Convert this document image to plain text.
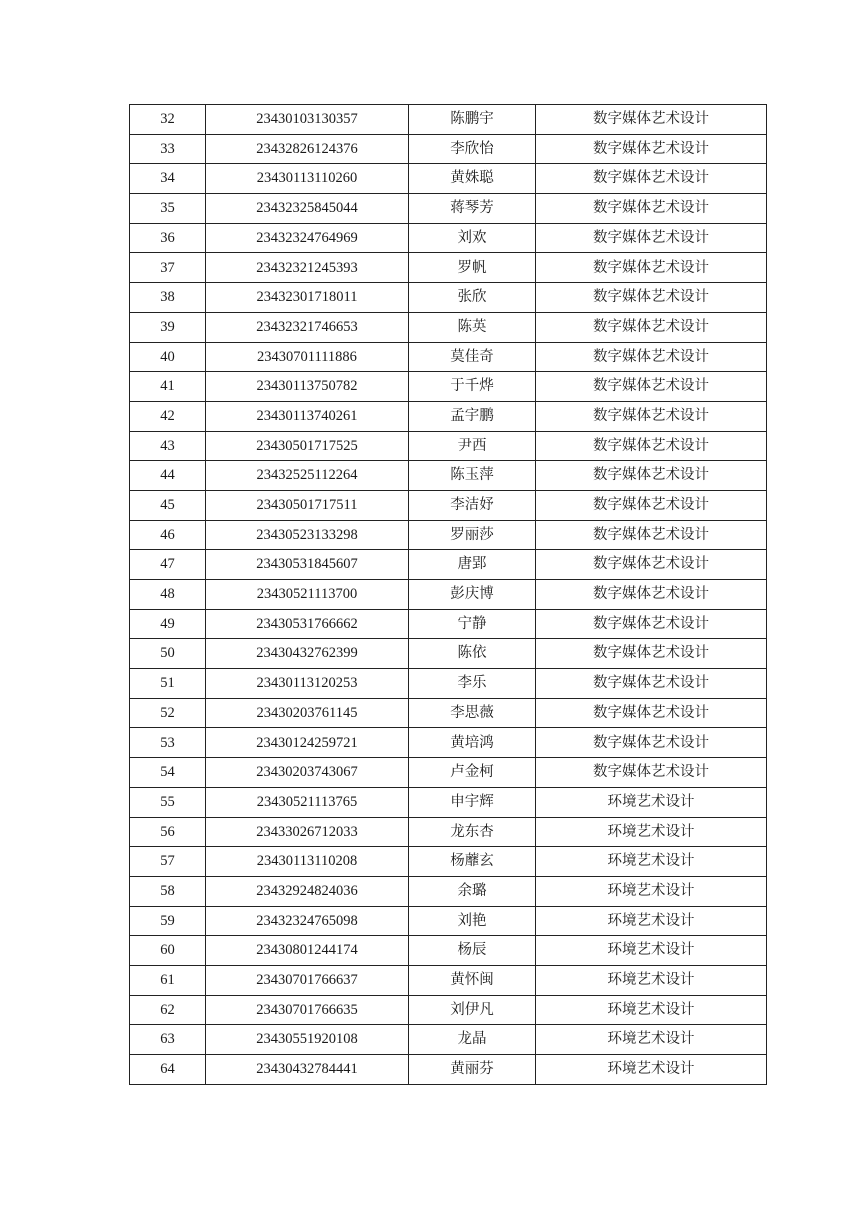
32	23430103130357	陈鹏宇	数字媒体艺术设计
33	23432826124376	李欣怡	数字媒体艺术设计
34	23430113110260	黄姝聪	数字媒体艺术设计
35	23432325845044	蒋琴芳	数字媒体艺术设计
36	23432324764969	刘欢	数字媒体艺术设计
37	23432321245393	罗帆	数字媒体艺术设计
38	23432301718011	张欣	数字媒体艺术设计
39	23432321746653	陈英	数字媒体艺术设计
40	23430701111886	莫佳奇	数字媒体艺术设计
41	23430113750782	于千烨	数字媒体艺术设计
42	23430113740261	孟宇鹏	数字媒体艺术设计
43	23430501717525	尹西	数字媒体艺术设计
44	23432525112264	陈玉萍	数字媒体艺术设计
45	23430501717511	李洁妤	数字媒体艺术设计
46	23430523133298	罗丽莎	数字媒体艺术设计
47	23430531845607	唐郢	数字媒体艺术设计
48	23430521113700	彭庆博	数字媒体艺术设计
49	23430531766662	宁静	数字媒体艺术设计
50	23430432762399	陈依	数字媒体艺术设计
51	23430113120253	李乐	数字媒体艺术设计
52	23430203761145	李思薇	数字媒体艺术设计
53	23430124259721	黄培鸿	数字媒体艺术设计
54	23430203743067	卢金柯	数字媒体艺术设计
55	23430521113765	申宇辉	环境艺术设计
56	23433026712033	龙东杏	环境艺术设计
57	23430113110208	杨蘼玄	环境艺术设计
58	23432924824036	余璐	环境艺术设计
59	23432324765098	刘艳	环境艺术设计
60	23430801244174	杨辰	环境艺术设计
61	23430701766637	黄怀闽	环境艺术设计
62	23430701766635	刘伊凡	环境艺术设计
63	23430551920108	龙晶	环境艺术设计
64	23430432784441	黄丽芬	环境艺术设计
